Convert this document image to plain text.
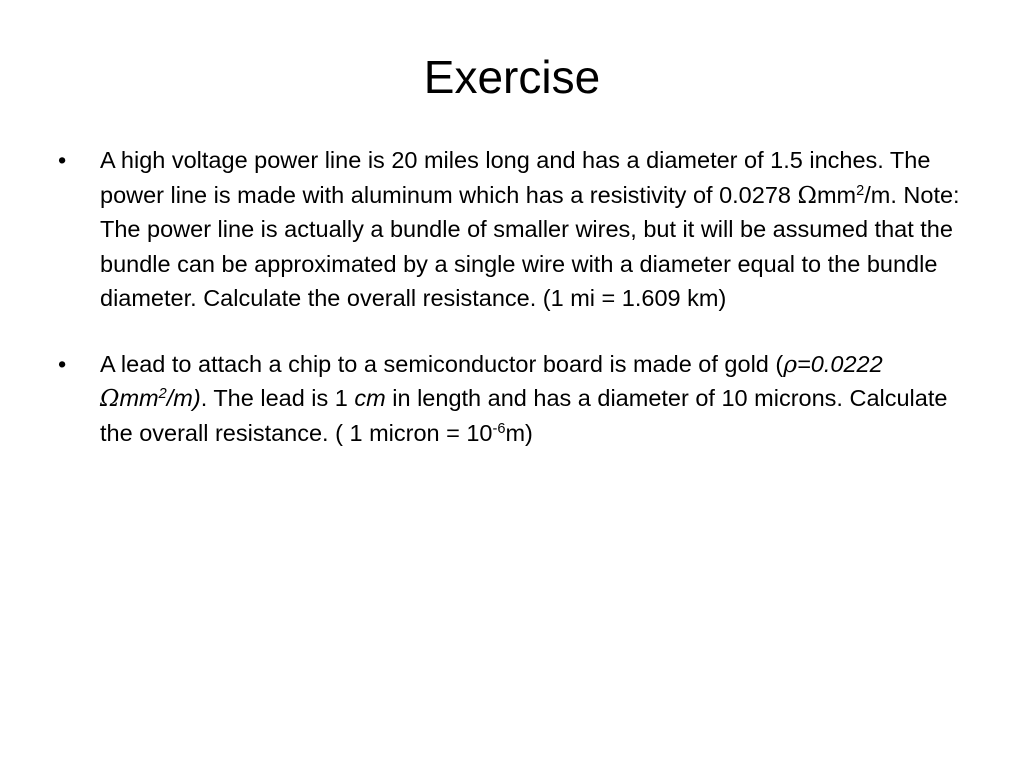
Exercise
• A high voltage power line is 20 miles long and has a diameter of 1.5 inches. The power line is made with aluminum which has a resistivity of 0.0278 Ωmm$^2$/m. Note: The power line is actually a bundle of smaller wires, but it will be assumed that the bundle can be approximated by a single wire with a diameter equal to the bundle diameter. Calculate the overall resistance. (1 mi = 1.609 km)
• A lead to attach a chip to a semiconductor board is made of gold (ρ=0.0222 Ωmm$^2$/m). The lead is 1 cm in length and has a diameter of 10 microns. Calculate the overall resistance. ( 1 micron = $10^{-6}m$)
